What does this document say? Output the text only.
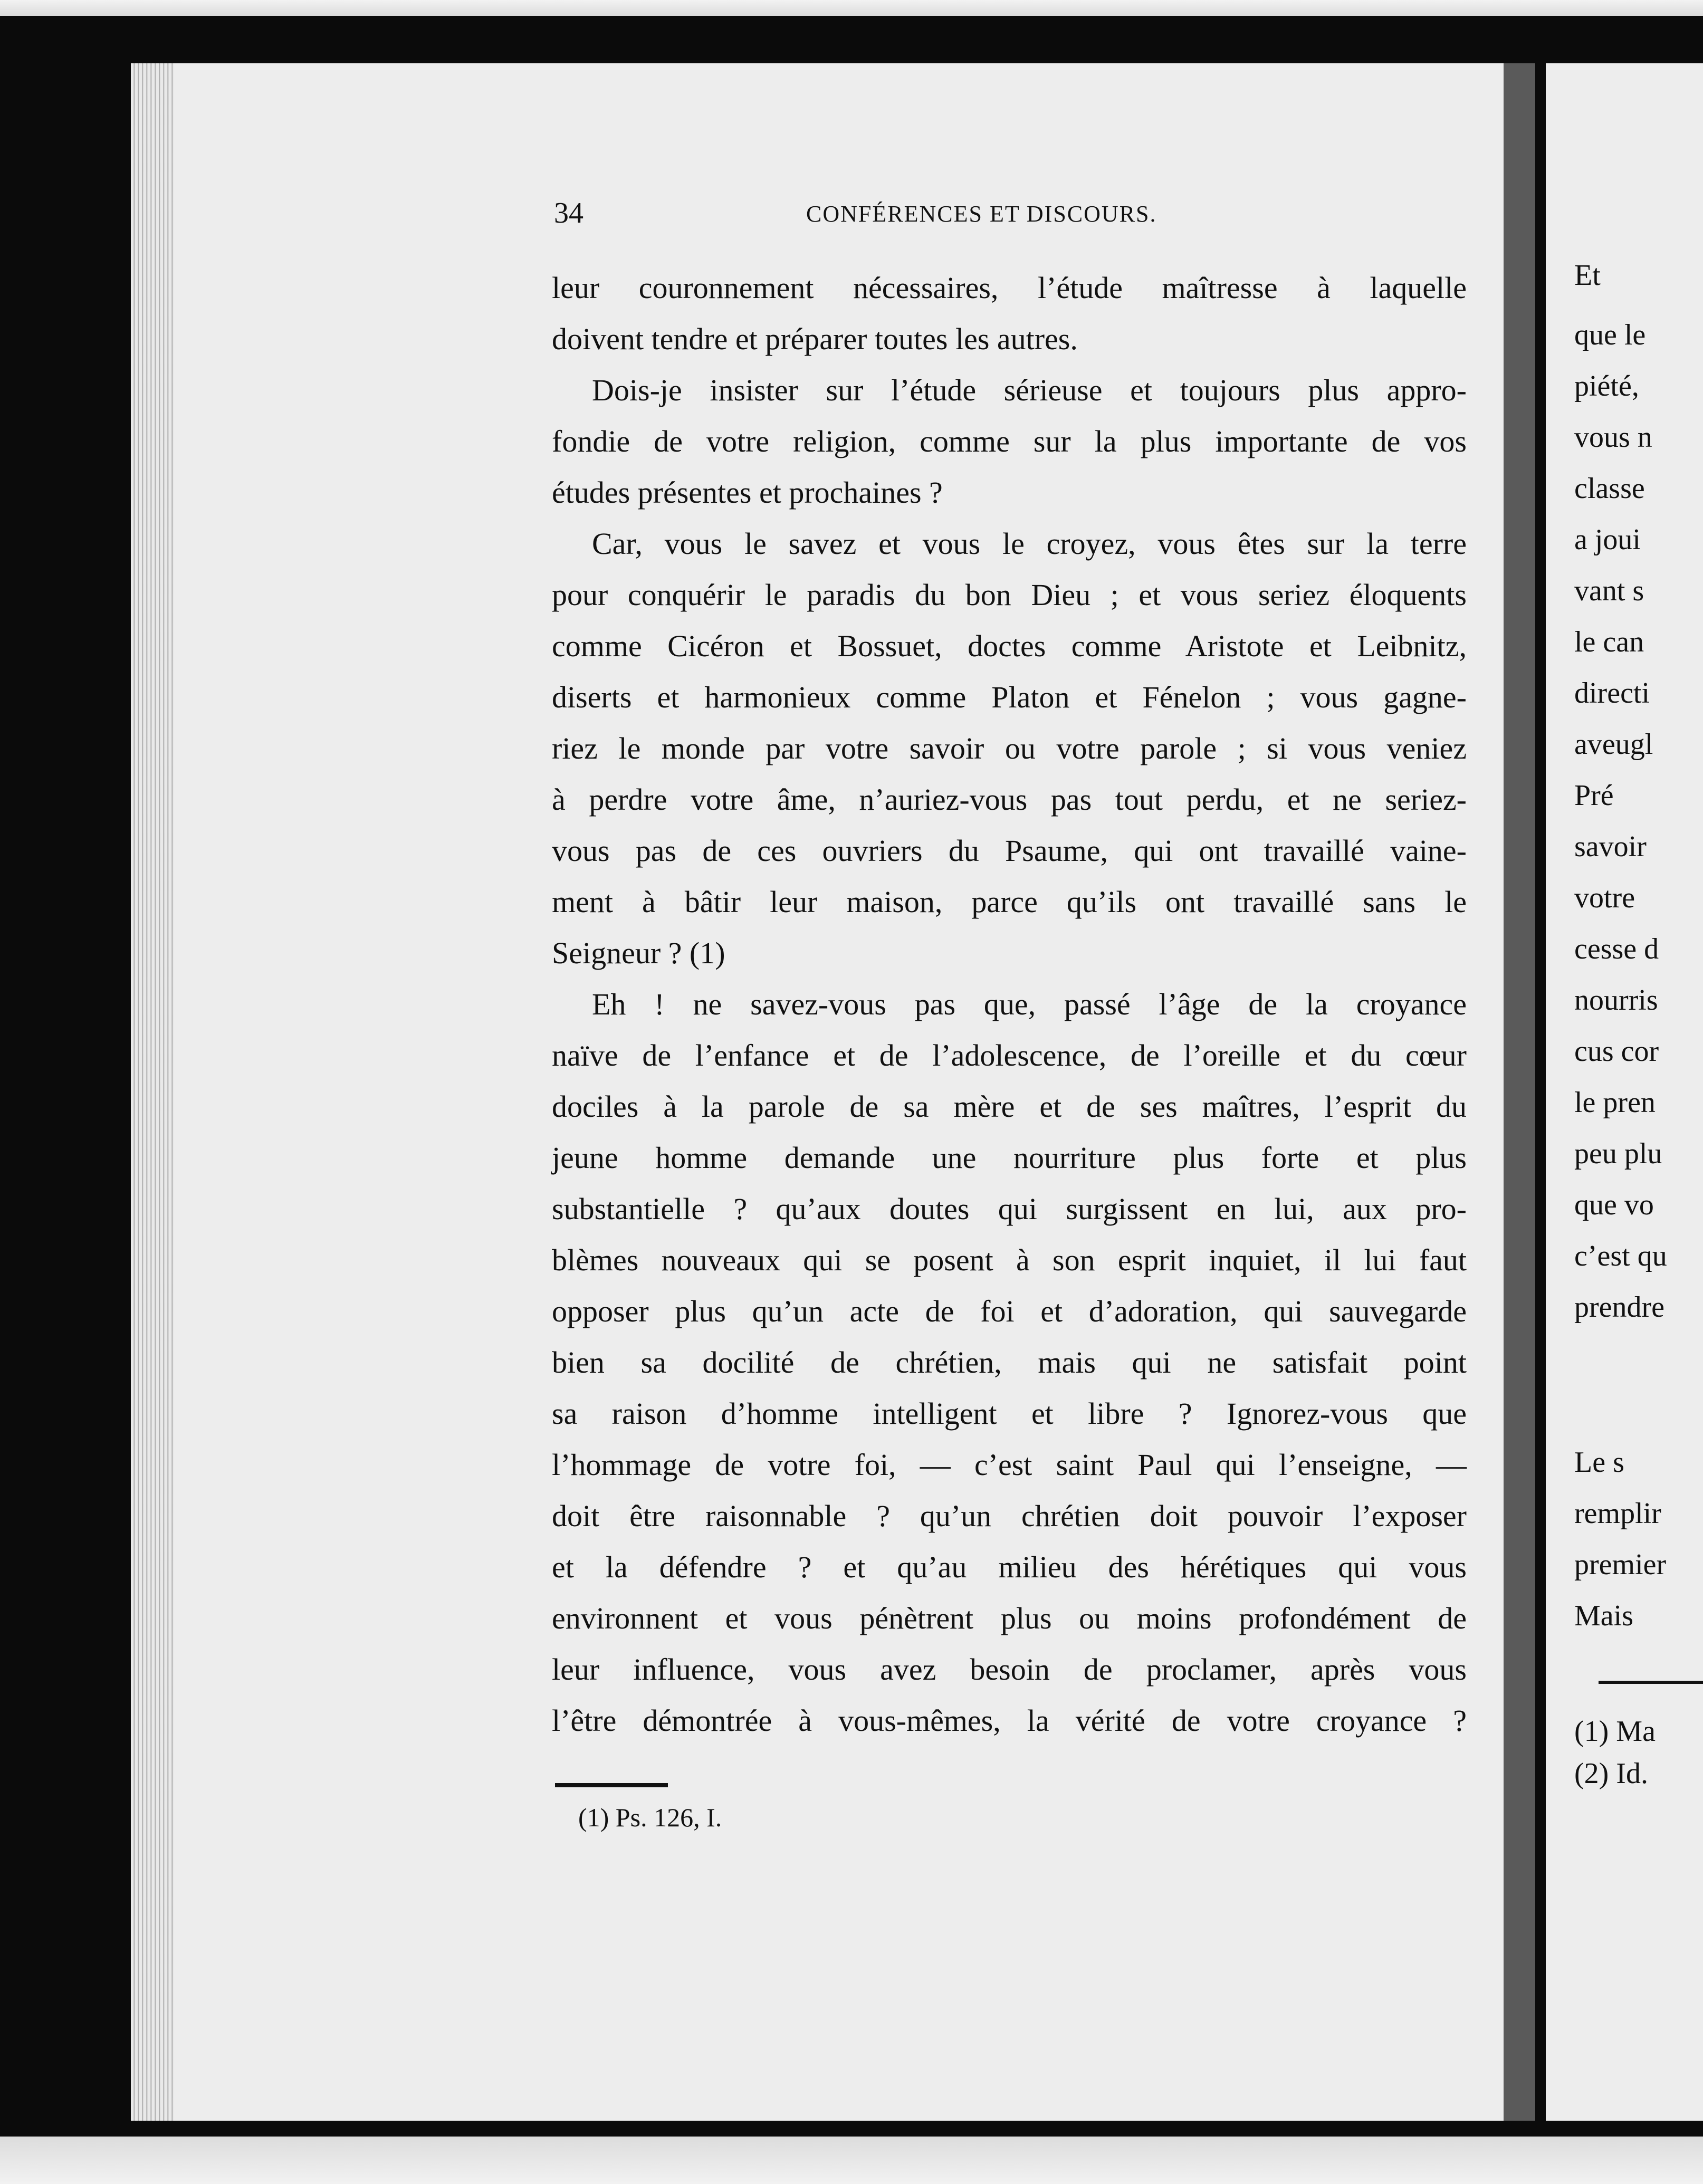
34	CONFÉRENCES ET DISCOURS.
leur couronnement nécessaires, l’étude maîtresse à laquelle
doivent tendre et préparer toutes les autres.
Dois-je insister sur l’étude sérieuse et toujours plus appro-
fondie de votre religion, comme sur la plus importante de vos
études présentes et prochaines ?
Car, vous le savez et vous le croyez, vous êtes sur la terre
pour conquérir le paradis du bon Dieu ; et vous seriez éloquents
comme Cicéron et Bossuet, doctes comme Aristote et Leibnitz,
diserts et harmonieux comme Platon et Fénelon ; vous gagne-
riez le monde par votre savoir ou votre parole ; si vous veniez
à perdre votre âme, n’auriez-vous pas tout perdu, et ne seriez-
vous pas de ces ouvriers du Psaume, qui ont travaillé vaine-
ment à bâtir leur maison, parce qu’ils ont travaillé sans le
Seigneur ? (1)
Eh ! ne savez-vous pas que, passé l’âge de la croyance
naïve de l’enfance et de l’adolescence, de l’oreille et du cœur
dociles à la parole de sa mère et de ses maîtres, l’esprit du
jeune homme demande une nourriture plus forte et plus
substantielle ? qu’aux doutes qui surgissent en lui, aux pro-
blèmes nouveaux qui se posent à son esprit inquiet, il lui faut
opposer plus qu’un acte de foi et d’adoration, qui sauvegarde
bien sa docilité de chrétien, mais qui ne satisfait point
sa raison d’homme intelligent et libre ? Ignorez-vous que
l’hommage de votre foi, — c’est saint Paul qui l’enseigne, —
doit être raisonnable ? qu’un chrétien doit pouvoir l’exposer
et la défendre ? et qu’au milieu des hérétiques qui vous
environnent et vous pénètrent plus ou moins profondément de
leur influence, vous avez besoin de proclamer, après vous
l’être démontrée à vous-mêmes, la vérité de votre croyance ?
(1) Ps. 126, I.
Et
que le
piété,
vous n
classe
a joui
vant s
le can
directi
aveugl
Pré
savoir
votre
cesse d
nourris
cus cor
le pren
peu plu
que vo
c’est qu
prendre
Le s
remplir
premier
Mais
(1) Ma
(2) Id.
